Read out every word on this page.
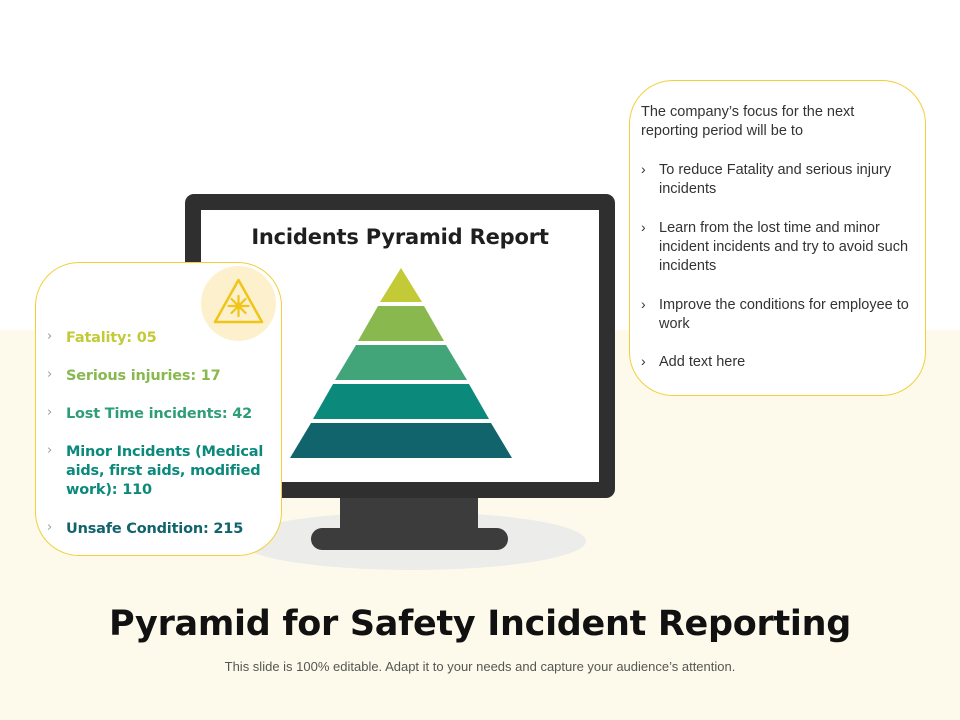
Incidents Pyramid Report
› Fatality: 05
› Serious injuries: 17
› Lost Time incidents: 42
› Minor Incidents (Medical aids, first aids, modified work): 110
› Unsafe Condition: 215
The company’s focus for the next reporting period will be to
› To reduce Fatality and serious injury incidents
› Learn from the lost time and minor incident incidents and try to avoid such incidents
› Improve the conditions for employee to work
› Add text here
Pyramid for Safety Incident Reporting
This slide is 100% editable. Adapt it to your needs and capture your audience’s attention.
